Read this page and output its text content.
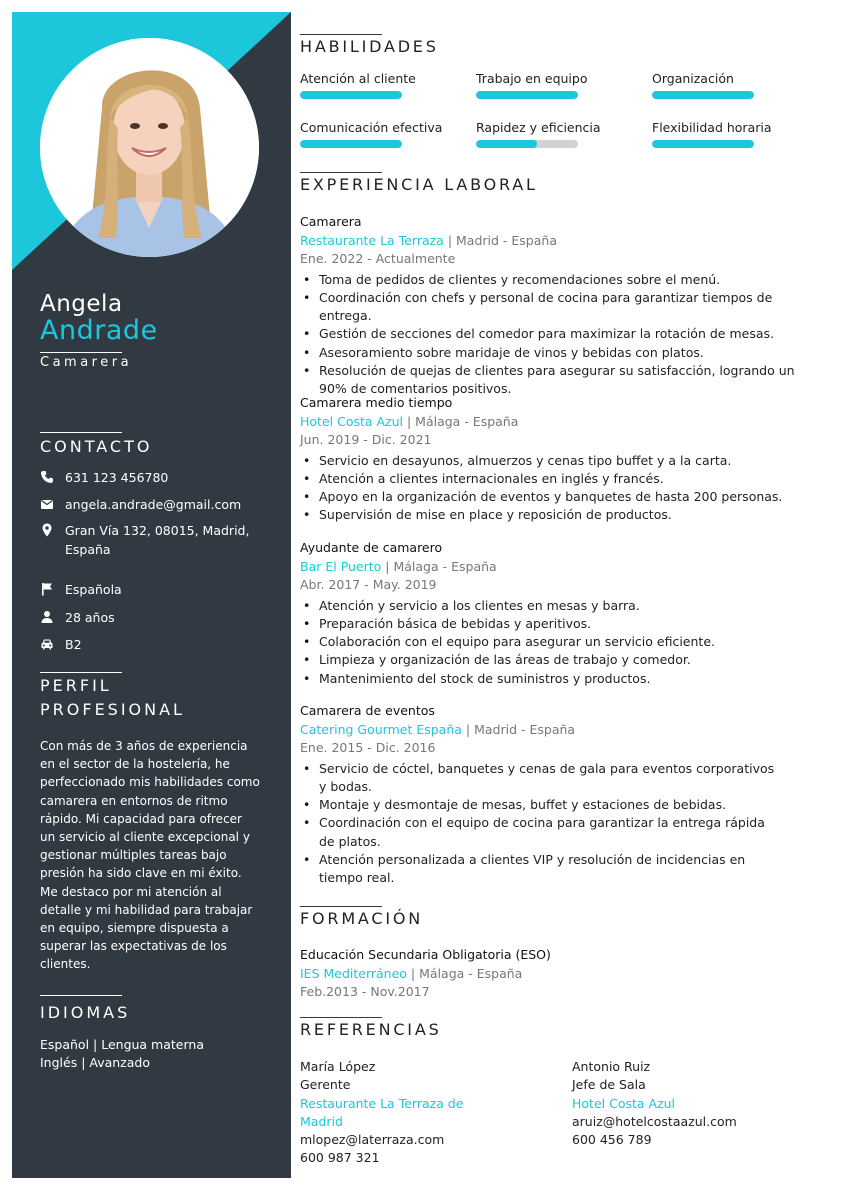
Angela
Andrade
Camarera
CONTACTO
631 123 456780
angela.andrade@gmail.com
Gran Vía 132, 08015, Madrid,
España
Española
28 años
B2
PERFIL
PROFESIONAL
Con más de 3 años de experiencia en el sector de la hostelería, he perfeccionado mis habilidades como camarera en entornos de ritmo rápido. Mi capacidad para ofrecer un servicio al cliente excepcional y gestionar múltiples tareas bajo presión ha sido clave en mi éxito. Me destaco por mi atención al detalle y mi habilidad para trabajar en equipo, siempre dispuesta a superar las expectativas de los clientes.
IDIOMAS
Español | Lengua materna
Inglés | Avanzado
HABILIDADES
Atención al cliente	Trabajo en equipo	Organización
Comunicación efectiva	Rapidez y eficiencia	Flexibilidad horaria
EXPERIENCIA LABORAL
Camarera
Restaurante La Terraza | Madrid - España
Ene. 2022 - Actualmente
• Toma de pedidos de clientes y recomendaciones sobre el menú.
• Coordinación con chefs y personal de cocina para garantizar tiempos de entrega.
• Gestión de secciones del comedor para maximizar la rotación de mesas.
• Asesoramiento sobre maridaje de vinos y bebidas con platos.
• Resolución de quejas de clientes para asegurar su satisfacción, logrando un 90% de comentarios positivos.
Camarera medio tiempo
Hotel Costa Azul | Málaga - España
Jun. 2019 - Dic. 2021
• Servicio en desayunos, almuerzos y cenas tipo buffet y a la carta.
• Atención a clientes internacionales en inglés y francés.
• Apoyo en la organización de eventos y banquetes de hasta 200 personas.
• Supervisión de mise en place y reposición de productos.
Ayudante de camarero
Bar El Puerto | Málaga - España
Abr. 2017 - May. 2019
• Atención y servicio a los clientes en mesas y barra.
• Preparación básica de bebidas y aperitivos.
• Colaboración con el equipo para asegurar un servicio eficiente.
• Limpieza y organización de las áreas de trabajo y comedor.
• Mantenimiento del stock de suministros y productos.
Camarera de eventos
Catering Gourmet España | Madrid - España
Ene. 2015 - Dic. 2016
• Servicio de cóctel, banquetes y cenas de gala para eventos corporativos y bodas.
• Montaje y desmontaje de mesas, buffet y estaciones de bebidas.
• Coordinación con el equipo de cocina para garantizar la entrega rápida de platos.
• Atención personalizada a clientes VIP y resolución de incidencias en tiempo real.
FORMACIÓN
Educación Secundaria Obligatoria (ESO)
IES Mediterráneo | Málaga - España
Feb.2013 - Nov.2017
REFERENCIAS
María López
Gerente
Restaurante La Terraza de
Madrid
mlopez@laterraza.com
600 987 321
Antonio Ruiz
Jefe de Sala
Hotel Costa Azul
aruiz@hotelcostaazul.com
600 456 789
